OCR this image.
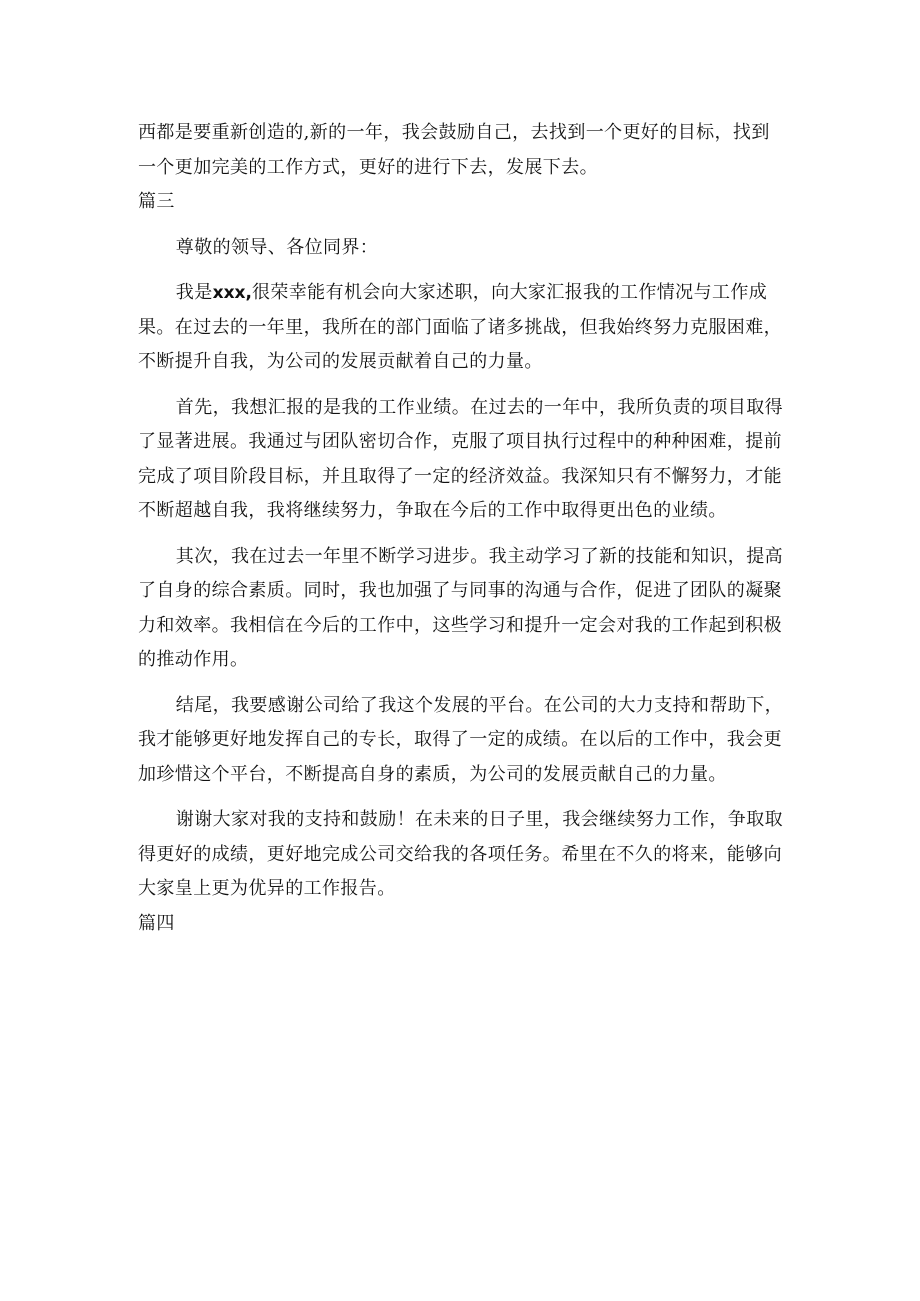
西都是要重新创造的,新的一年，我会鼓励自己，去找到一个更好的目标，找到一个更加完美的工作方式，更好的进行下去，发展下去。

篇三

尊敬的领导、各位同界：

我是xxx,很荣幸能有机会向大家述职，向大家汇报我的工作情况与工作成果。在过去的一年里，我所在的部门面临了诸多挑战，但我始终努力克服困难，不断提升自我，为公司的发展贡献着自己的力量。

首先，我想汇报的是我的工作业绩。在过去的一年中，我所负责的项目取得了显著进展。我通过与团队密切合作，克服了项目执行过程中的种种困难，提前完成了项目阶段目标，并且取得了一定的经济效益。我深知只有不懈努力，才能不断超越自我，我将继续努力，争取在今后的工作中取得更出色的业绩。

其次，我在过去一年里不断学习进步。我主动学习了新的技能和知识，提高了自身的综合素质。同时，我也加强了与同事的沟通与合作，促进了团队的凝聚力和效率。我相信在今后的工作中，这些学习和提升一定会对我的工作起到积极的推动作用。

结尾，我要感谢公司给了我这个发展的平台。在公司的大力支持和帮助下，我才能够更好地发挥自己的专长，取得了一定的成绩。在以后的工作中，我会更加珍惜这个平台，不断提高自身的素质，为公司的发展贡献自己的力量。

谢谢大家对我的支持和鼓励！在未来的日子里，我会继续努力工作，争取取得更好的成绩，更好地完成公司交给我的各项任务。希里在不久的将来，能够向大家皇上更为优异的工作报告。

篇四
